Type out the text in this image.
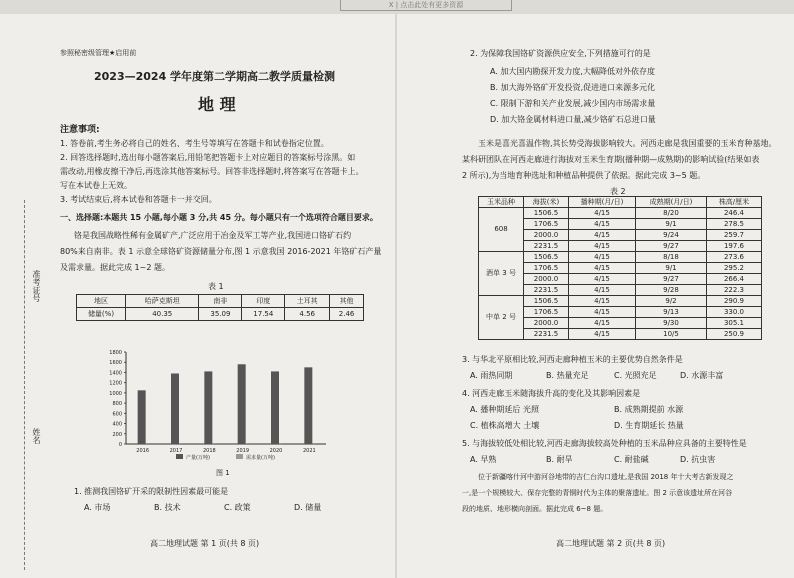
X | 点击此处有更多资源
准考证号
姓名
参照秘密级管理★启用前
2023—2024 学年度第二学期高二教学质量检测
地 理
注意事项:
1. 答卷前,考生务必将自己的姓名、考生号等填写在答题卡和试卷指定位置。
2. 回答选择题时,选出每小题答案后,用铅笔把答题卡上对应题目的答案标号涂黑。如
需改动,用橡皮擦干净后,再选涂其他答案标号。回答非选择题时,将答案写在答题卡上。
写在本试卷上无效。
3. 考试结束后,将本试卷和答题卡一并交回。
一、选择题:本题共 15 小题,每小题 3 分,共 45 分。每小题只有一个选项符合题目要求。
铬是我国战略性稀有金属矿产,广泛应用于冶金及军工等产业,我国进口铬矿石约
80%来自南非。表 1 示意全球铬矿资源储量分布,图 1 示意我国 2016-2021 年铬矿石产量
及需求量。据此完成 1~2 题。
表 1
地区	哈萨克斯坦	南非	印度	土耳其	其他
储量(%)	40.35	35.09	17.54	4.56	2.46
0
200
400
600
800
1000
1200
1400
1600
1800
2016	2017	2018	2019	2020	2021
产量(万吨)	需求量(万吨)
图 1
1. 推测我国铬矿开采的限制性因素最可能是
A. 市场	B. 技术	C. 政策	D. 储量
高二地理试题 第 1 页(共 8 页)
2. 为保障我国铬矿资源供应安全,下列措施可行的是
A. 加大国内勘探开发力度,大幅降低对外依存度
B. 加大海外铬矿开发投资,促进进口来源多元化
C. 限制下游和关产业发展,减少国内市场需求量
D. 加大铬金属材料进口量,减少铬矿石总进口量
玉米是喜光喜温作物,其长势受海拔影响较大。河西走廊是我国重要的玉米育种基地。
某科研团队在河西走廊进行海拔对玉米生育期(播种期—成熟期)的影响试验(结果如表
2 所示),为当地育种选址和种植品种提供了依据。据此完成 3~5 题。
表 2
玉米品种	海拔(米)	播种期(月/日)	成熟期(月/日)	株高/厘米
608	1506.5	4/15	8/20	246.4
	1706.5	4/15	9/1	278.5
	2000.0	4/15	9/24	259.7
	2231.5	4/15	9/27	197.6
酒单 3 号	1506.5	4/15	8/18	273.6
	1706.5	4/15	9/1	295.2
	2000.0	4/15	9/27	266.4
	2231.5	4/15	9/28	222.3
中单 2 号	1506.5	4/15	9/2	290.9
	1706.5	4/15	9/13	330.0
	2000.0	4/15	9/30	305.1
	2231.5	4/15	10/5	250.9
3. 与华北平原相比较,河西走廊种植玉米的主要优势自然条件是
A. 雨热同期	B. 热量充足	C. 光照充足	D. 水源丰富
4. 河西走廊玉米随海拔升高的变化及其影响因素是
A. 播种期延后 光照	B. 成熟期提前 水源
C. 植株高增大 土壤	D. 生育期延长 热量
5. 与海拔较低处相比较,河西走廊海拔较高处种植的玉米品种应具备的主要特性是
A. 早熟	B. 耐旱	C. 耐盐碱	D. 抗虫害
位于新疆喀什河中游河谷地带的吉仁台沟口遗址,是我国 2018 年十大考古新发现之
一,是一个规模较大、保存完整的青铜时代为主体的聚落遗址。图 2 示意该遗址所在河谷
段的地质、地形横向剖面。据此完成 6~8 题。
高二地理试题 第 2 页(共 8 页)
